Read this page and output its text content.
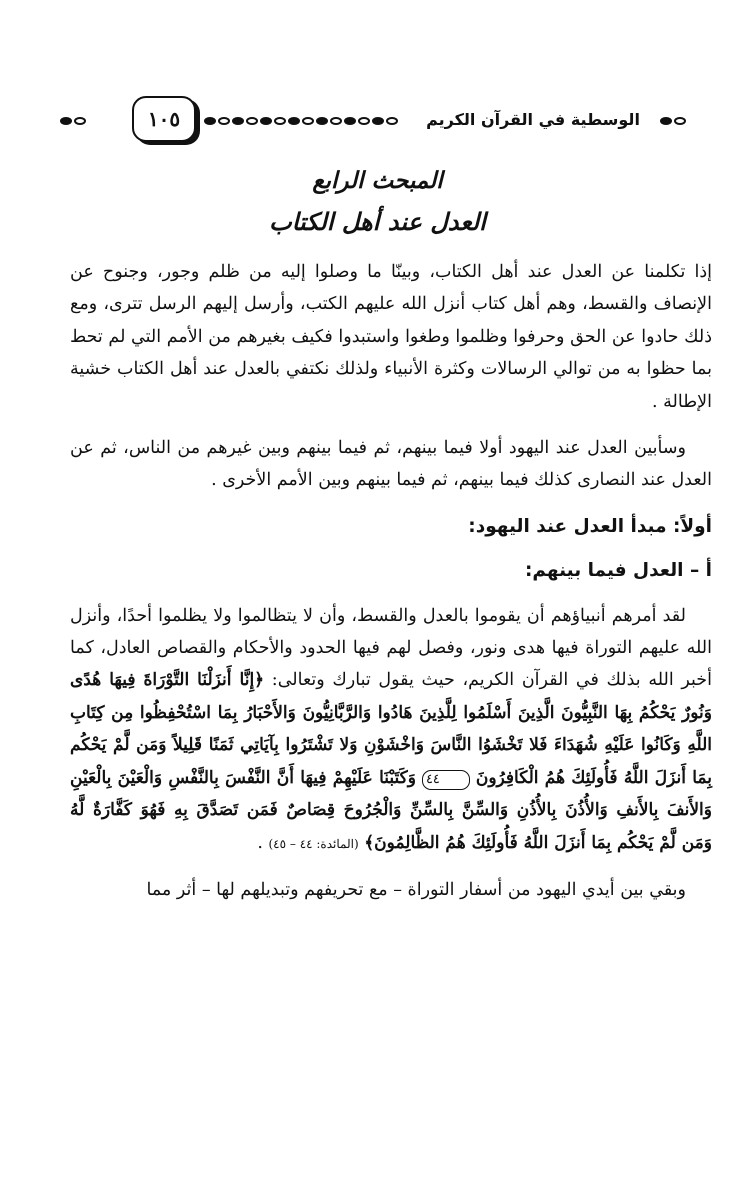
١٠٥	الوسطية في القرآن الكريم
المبحث الرابع
العدل عند أهل الكتاب

إذا تكلمنا عن العدل عند أهل الكتاب، وبينّا ما وصلوا إليه من ظلم وجور، وجنوح عن الإنصاف والقسط، وهم أهل كتاب أنزل الله عليهم الكتب، وأرسل إليهم الرسل تترى، ومع ذلك حادوا عن الحق وحرفوا وظلموا وطغوا واستبدوا فكيف بغيرهم من الأمم التي لم تحط بما حظوا به من توالي الرسالات وكثرة الأنبياء ولذلك نكتفي بالعدل عند أهل الكتاب خشية الإطالة .

وسأبين العدل عند اليهود أولا فيما بينهم، ثم فيما بينهم وبين غيرهم من الناس، ثم عن العدل عند النصارى كذلك فيما بينهم، ثم فيما بينهم وبين الأمم الأخرى .

أولاً: مبدأ العدل عند اليهود:
أ – العدل فيما بينهم:

لقد أمرهم أنبياؤهم أن يقوموا بالعدل والقسط، وأن لا يتظالموا ولا يظلموا أحدًا، وأنزل الله عليهم التوراة فيها هدى ونور، وفصل لهم فيها الحدود والأحكام والقصاص العادل، كما أخبر الله بذلك في القرآن الكريم، حيث يقول تبارك وتعالى: ﴿إِنَّا أَنزَلْنَا التَّوْرَاةَ فِيهَا هُدًى وَنُورٌ يَحْكُمُ بِهَا النَّبِيُّونَ الَّذِينَ أَسْلَمُوا لِلَّذِينَ هَادُوا وَالرَّبَّانِيُّونَ وَالأَحْبَارُ بِمَا اسْتُحْفِظُوا مِن كِتَابِ اللَّهِ وَكَانُوا عَلَيْهِ شُهَدَاءَ فَلا تَخْشَوُا النَّاسَ وَاخْشَوْنِ وَلا تَشْتَرُوا بِآيَاتِي ثَمَنًا قَلِيلاً وَمَن لَّمْ يَحْكُم بِمَا أَنزَلَ اللَّهُ فَأُولَئِكَ هُمُ الْكَافِرُونَ ٤٤ وَكَتَبْنَا عَلَيْهِمْ فِيهَا أَنَّ النَّفْسَ بِالنَّفْسِ وَالْعَيْنَ بِالْعَيْنِ وَالأَنفَ بِالأَنفِ وَالأُذُنَ بِالأُذُنِ وَالسِّنَّ بِالسِّنِّ وَالْجُرُوحَ قِصَاصٌ فَمَن تَصَدَّقَ بِهِ فَهُوَ كَفَّارَةٌ لَّهُ وَمَن لَّمْ يَحْكُم بِمَا أَنزَلَ اللَّهُ فَأُولَئِكَ هُمُ الظَّالِمُونَ﴾ (المائدة: ٤٤ – ٤٥) .

وبقي بين أيدي اليهود من أسفار التوراة – مع تحريفهم وتبديلهم لها – أثر مما
